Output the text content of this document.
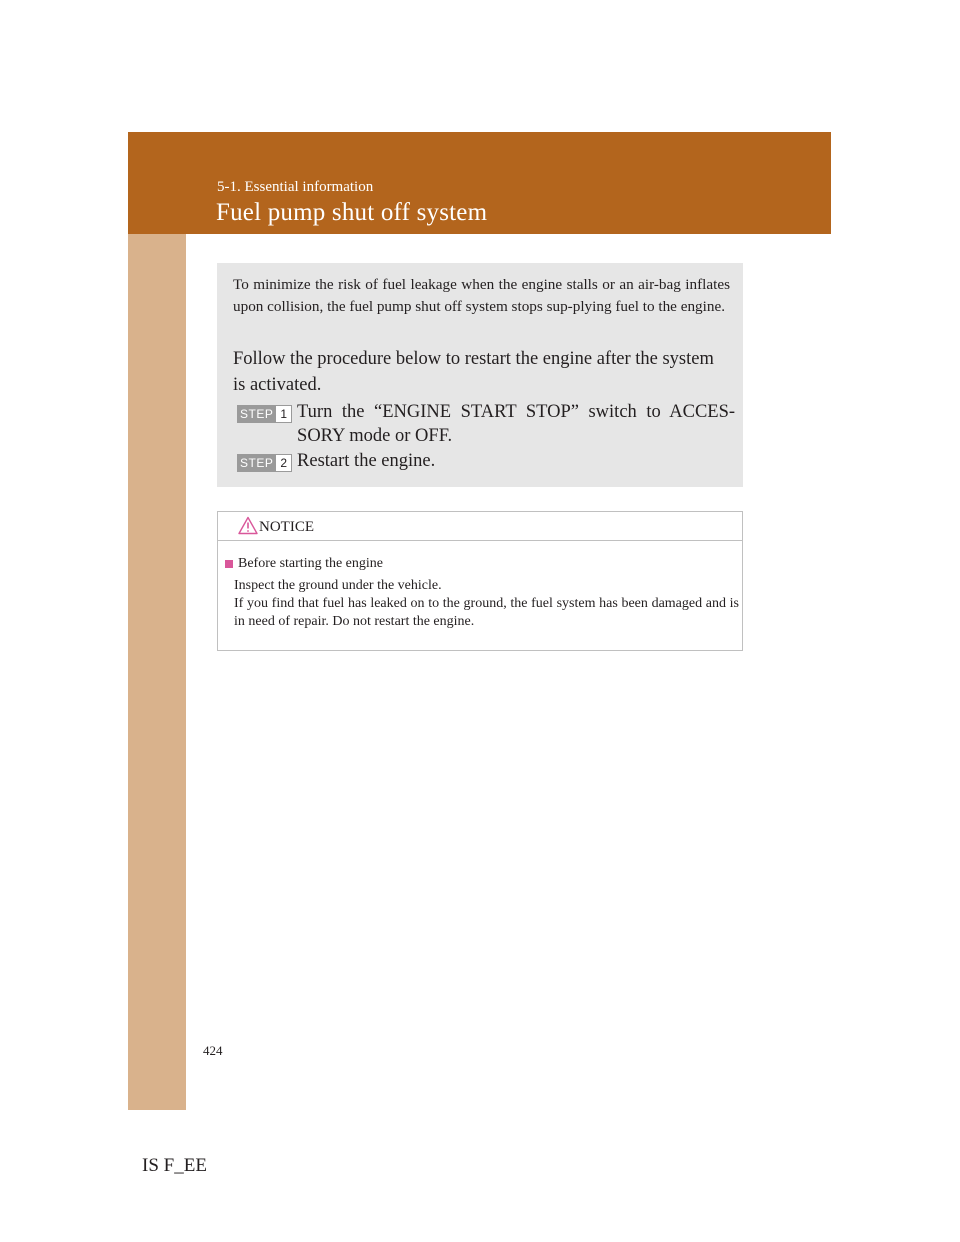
5-1. Essential information
Fuel pump shut off system
To minimize the risk of fuel leakage when the engine stalls or an air-bag inflates upon collision, the fuel pump shut off system stops sup-plying fuel to the engine.
Follow the procedure below to restart the engine after the system is activated.
STEP 1 Turn the “ENGINE START STOP” switch to ACCES-SORY mode or OFF.
STEP 2 Restart the engine.
NOTICE
Before starting the engine

Inspect the ground under the vehicle.

If you find that fuel has leaked on to the ground, the fuel system has been damaged and is in need of repair. Do not restart the engine.

424
IS F_EE
